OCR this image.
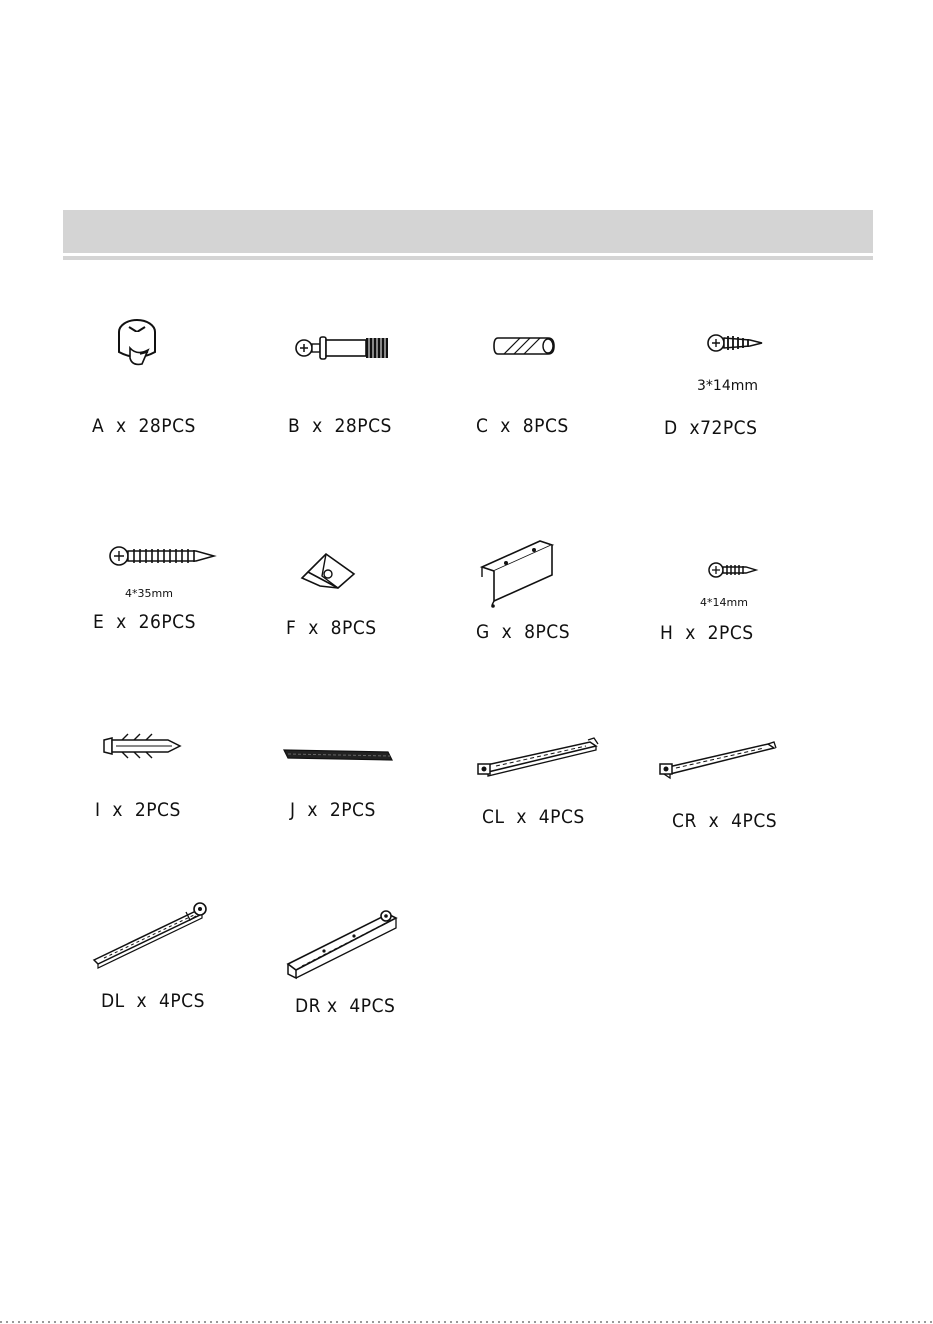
A  x  28PCS	B  x  28PCS	C  x  8PCS
3*14mm
D  x72PCS
4*35mm
E  x  26PCS	F  x  8PCS	G  x  8PCS
4*14mm
H  x  2PCS
I  x  2PCS	J  x  2PCS	CL  x  4PCS	CR  x  4PCS
DL  x  4PCS	DR x  4PCS
